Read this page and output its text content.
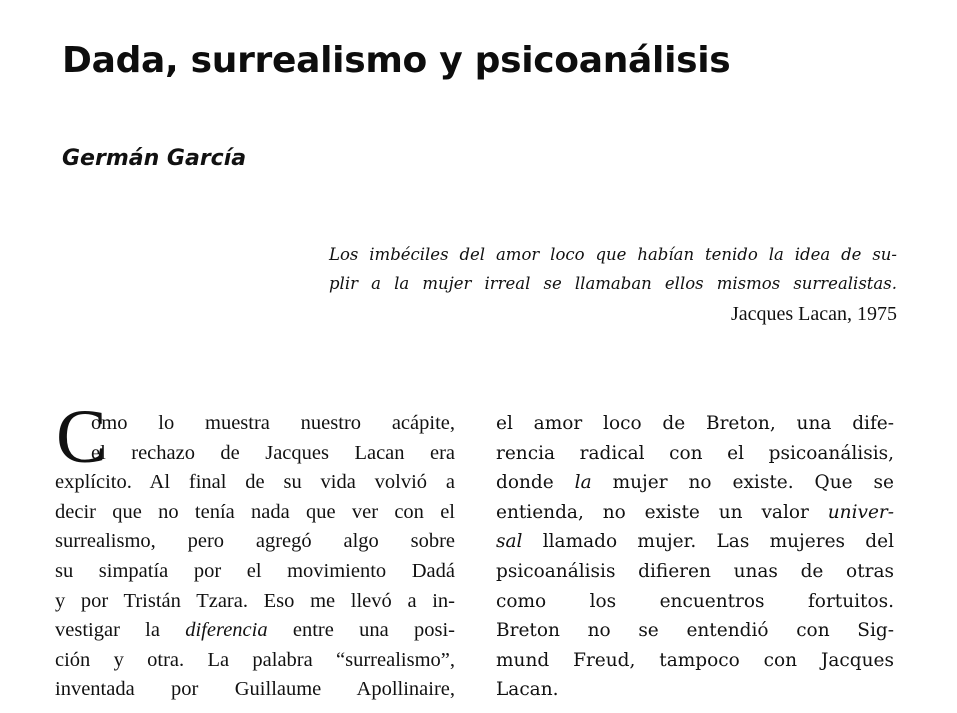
Dada, surrealismo y psicoanálisis
Germán García
Los imbéciles del amor loco que habían tenido la idea de su-
plir a la mujer irreal se llamaban ellos mismos surrealistas.
Jacques Lacan, 1975
C
omo lo muestra nuestro acápite,
el rechazo de Jacques Lacan era
explícito. Al final de su vida volvió a
decir que no tenía nada que ver con el
surrealismo, pero agregó algo sobre
su simpatía por el movimiento Dadá
y por Tristán Tzara. Eso me llevó a in-
vestigar la diferencia entre una posi-
ción y otra. La palabra “surrealismo”,
inventada por Guillaume Apollinaire,
el amor loco de Breton, una dife-
rencia radical con el psicoanálisis,
donde la mujer no existe. Que se
entienda, no existe un valor univer-
sal llamado mujer. Las mujeres del
psicoanálisis difieren unas de otras
como los encuentros fortuitos.
Breton no se entendió con Sig-
mund Freud, tampoco con Jacques
Lacan.
